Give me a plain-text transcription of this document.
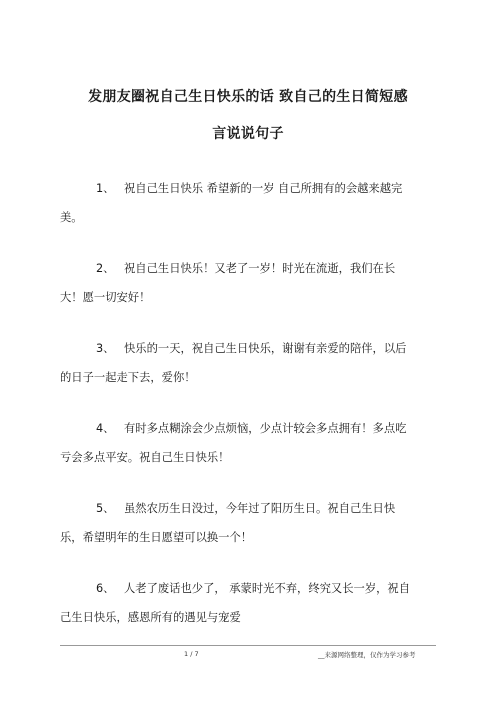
发朋友圈祝自己生日快乐的话 致自己的生日简短感
言说说句子
1、 祝自己生日快乐 希望新的一岁 自己所拥有的会越来越完
美。
2、 祝自己生日快乐！又老了一岁！时光在流逝，我们在长
大！愿一切安好！
3、 快乐的一天，祝自己生日快乐，谢谢有亲爱的陪伴，以后
的日子一起走下去，爱你！
4、 有时多点糊涂会少点烦恼，少点计较会多点拥有！多点吃
亏会多点平安。祝自己生日快乐！
5、 虽然农历生日没过，今年过了阳历生日。祝自己生日快
乐，希望明年的生日愿望可以换一个！
6、 人老了废话也少了， 承蒙时光不弃，终究又长一岁，祝自
己生日快乐，感恩所有的遇见与宠爱
1 / 7	__来源网络整理，仅作为学习参考
